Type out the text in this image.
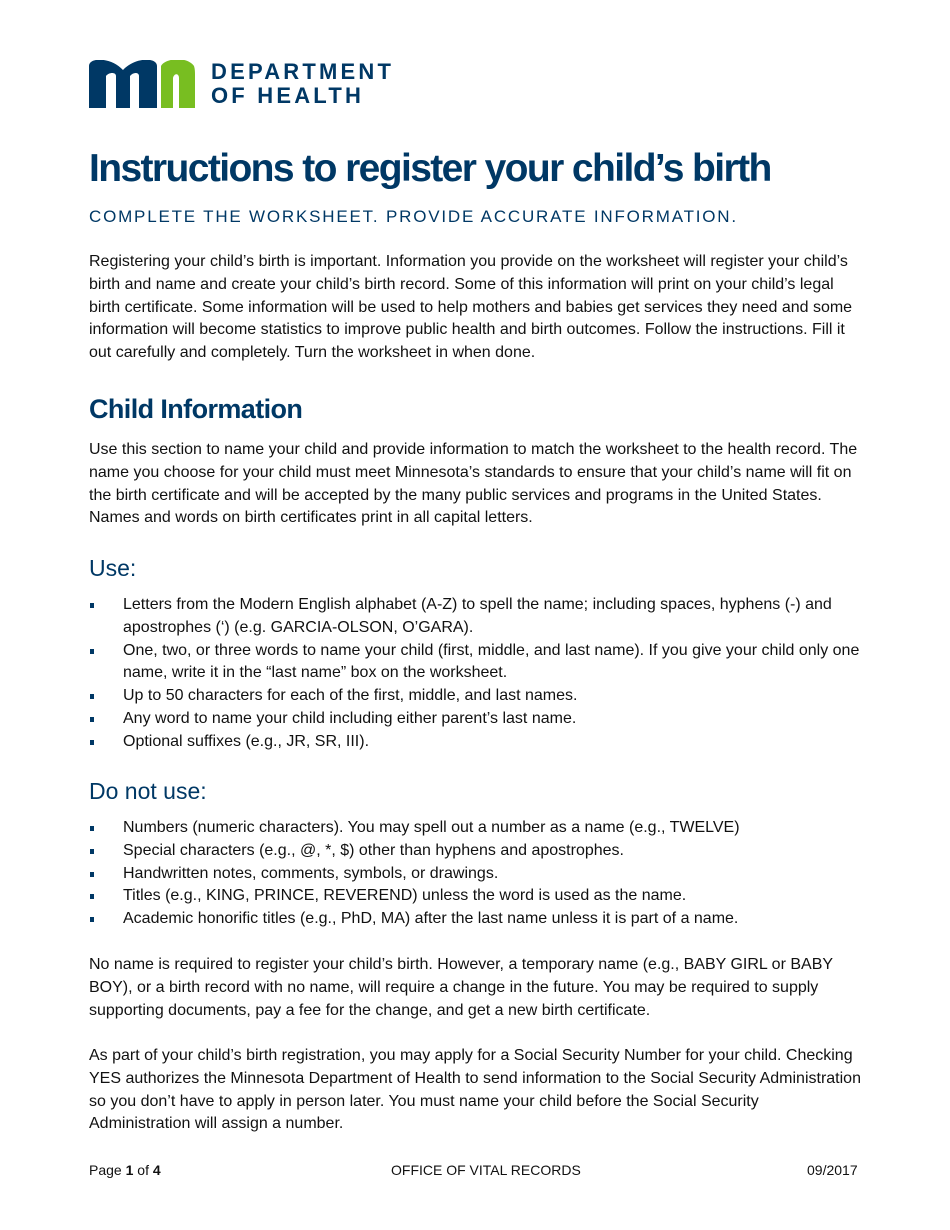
DEPARTMENT
OF HEALTH
Instructions to register your child’s birth
COMPLETE THE WORKSHEET. PROVIDE ACCURATE INFORMATION.

Registering your child’s birth is important. Information you provide on the worksheet will register your child’s birth and name and create your child’s birth record. Some of this information will print on your child’s legal birth certificate. Some information will be used to help mothers and babies get services they need and some information will become statistics to improve public health and birth outcomes. Follow the instructions. Fill it out carefully and completely. Turn the worksheet in when done.

Child Information

Use this section to name your child and provide information to match the worksheet to the health record. The name you choose for your child must meet Minnesota’s standards to ensure that your child’s name will fit on the birth certificate and will be accepted by the many public services and programs in the United States. Names and words on birth certificates print in all capital letters.

Use:
Letters from the Modern English alphabet (A-Z) to spell the name; including spaces, hyphens (-) and apostrophes (‘) (e.g. GARCIA-OLSON, O’GARA).
One, two, or three words to name your child (first, middle, and last name). If you give your child only one name, write it in the “last name” box on the worksheet.
Up to 50 characters for each of the first, middle, and last names.
Any word to name your child including either parent’s last name.
Optional suffixes (e.g., JR, SR, III).
Do not use:
Numbers (numeric characters). You may spell out a number as a name (e.g., TWELVE)
Special characters (e.g., @, *, $) other than hyphens and apostrophes.
Handwritten notes, comments, symbols, or drawings.
Titles (e.g., KING, PRINCE, REVEREND) unless the word is used as the name.
Academic honorific titles (e.g., PhD, MA) after the last name unless it is part of a name.

No name is required to register your child’s birth. However, a temporary name (e.g., BABY GIRL or BABY BOY), or a birth record with no name, will require a change in the future. You may be required to supply supporting documents, pay a fee for the change, and get a new birth certificate.

As part of your child’s birth registration, you may apply for a Social Security Number for your child. Checking YES authorizes the Minnesota Department of Health to send information to the Social Security Administration so you don’t have to apply in person later. You must name your child before the Social Security Administration will assign a number.

Page 1 of 4	OFFICE OF VITAL RECORDS	09/2017
